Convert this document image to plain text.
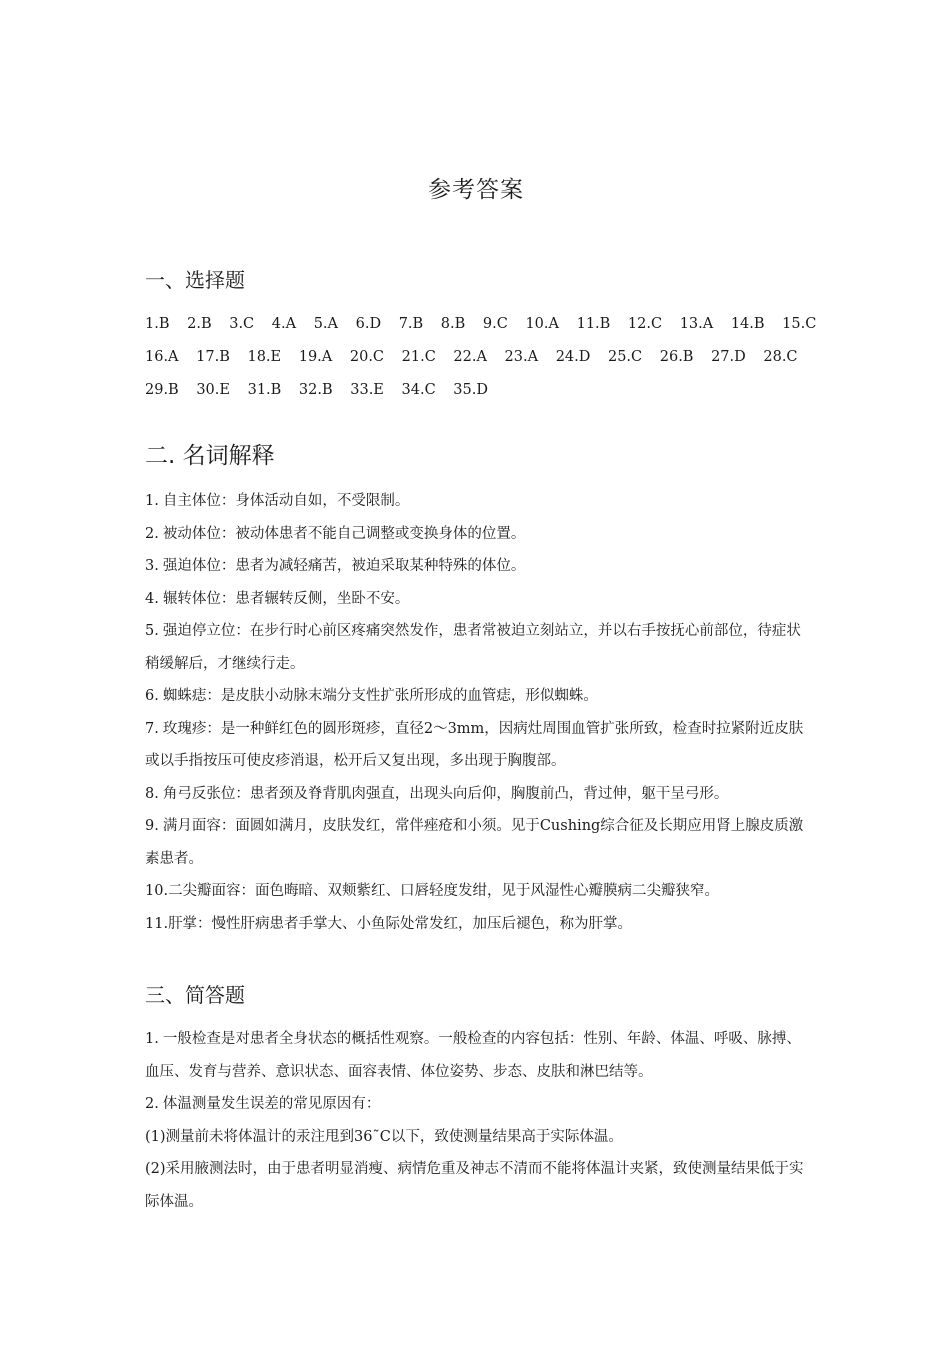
参考答案
一、选择题
1.B 2.B 3.C 4.A 5.A 6.D 7.B 8.B 9.C 10.A 11.B 12.C 13.A 14.B 15.C
16.A 17.B 18.E 19.A 20.C 21.C 22.A 23.A 24.D 25.C 26.B 27.D 28.C
29.B 30.E 31.B 32.B 33.E 34.C 35.D
二. 名词解释

1. 自主体位：身体活动自如，不受限制。

2. 被动体位：被动体患者不能自己调整或变换身体的位置。

3. 强迫体位：患者为减轻痛苦，被迫采取某种特殊的体位。

4. 辗转体位：患者辗转反侧，坐卧不安。

5. 强迫停立位：在步行时心前区疼痛突然发作，患者常被迫立刻站立，并以右手按抚心前部位，待症状稍缓解后，才继续行走。

6. 蜘蛛痣：是皮肤小动脉末端分支性扩张所形成的血管痣，形似蜘蛛。

7. 玫瑰疹：是一种鲜红色的圆形斑疹，直径2～3mm，因病灶周围血管扩张所致，检查时拉紧附近皮肤或以手指按压可使皮疹消退，松开后又复出现，多出现于胸腹部。

8. 角弓反张位：患者颈及脊背肌肉强直，出现头向后仰，胸腹前凸，背过伸，躯干呈弓形。

9. 满月面容：面圆如满月，皮肤发红，常伴痤疮和小须。见于Cushing综合征及长期应用肾上腺皮质激素患者。

10.二尖瓣面容：面色晦暗、双颊紫红、口唇轻度发绀，见于风湿性心瓣膜病二尖瓣狭窄。

11.肝掌：慢性肝病患者手掌大、小鱼际处常发红，加压后褪色，称为肝掌。

三、简答题

1. 一般检查是对患者全身状态的概括性观察。一般检查的内容包括：性别、年龄、体温、呼吸、脉搏、血压、发育与营养、意识状态、面容表情、体位姿势、步态、皮肤和淋巴结等。

2. 体温测量发生误差的常见原因有：

(1)测量前未将体温计的汞注甩到36˜C以下，致使测量结果高于实际体温。

(2)采用腋测法时，由于患者明显消瘦、病情危重及神志不清而不能将体温计夹紧，致使测量结果低于实际体温。
